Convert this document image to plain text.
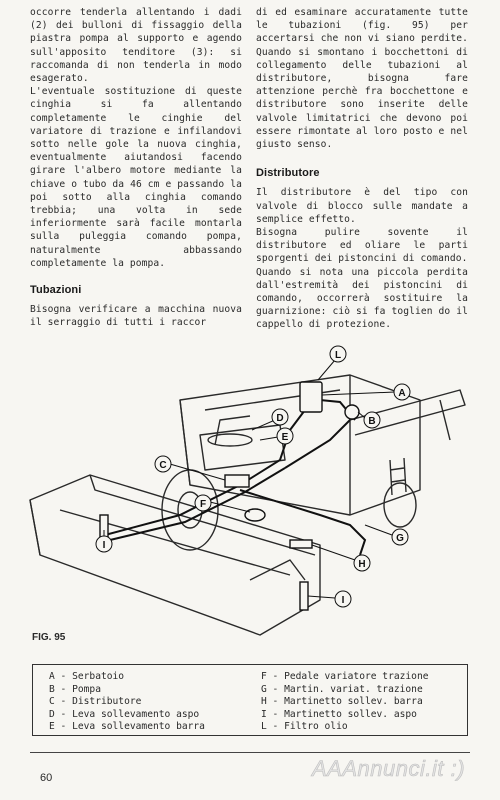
occorre tenderla allentando i dadi (2) dei bulloni di fissaggio della piastra pompa al supporto e agendo sull'apposito tenditore (3): si raccomanda di non tenderla in modo esagerato.

L'eventuale sostituzione di queste cinghia si fa allentando completamente le cinghie del variatore di trazione e infilandovi sotto nelle gole la nuova cinghia, eventualmente aiutandosi facendo girare l'albero motore mediante la chiave o tubo da 46 cm e passando la poi sotto alla cinghia comando trebbia; una volta in sede inferiormente sarà facile montarla sulla puleggia comando pompa, naturalmente abbassando completamente la pompa.

Tubazioni

Bisogna verificare a macchina nuova il serraggio di tutti i raccor

di ed esaminare accuratamente tutte le tubazioni (fig. 95) per accertarsi che non vi siano perdite. Quando si smontano i bocchettoni di collegamento delle tubazioni al distributore, bisogna fare attenzione perchè fra bocchettone e distributore sono inserite delle valvole limitatrici che devono poi essere rimontate al loro posto e nel giusto senso.

Distributore

Il distributore è del tipo con valvole di blocco sulle mandate a semplice effetto.

Bisogna pulire sovente il distributore ed oliare le parti sporgenti dei pistoncini di comando.

Quando si nota una piccola perdita dall'estremità dei pistoncini di comando, occorrerà sostituire la guarnizione: ciò si fa toglien do il cappello di protezione.

L
A
B
D
E
C
F
G
H
I
I
FIG. 95
A - Serbatoio
B - Pompa
C - Distributore
D - Leva sollevamento aspo
E - Leva sollevamento barra
F - Pedale variatore trazione
G - Martin. variat. trazione
H - Martinetto sollev. barra
I - Martinetto sollev. aspo
L - Filtro olio
60	AAAnnunci.it :)
